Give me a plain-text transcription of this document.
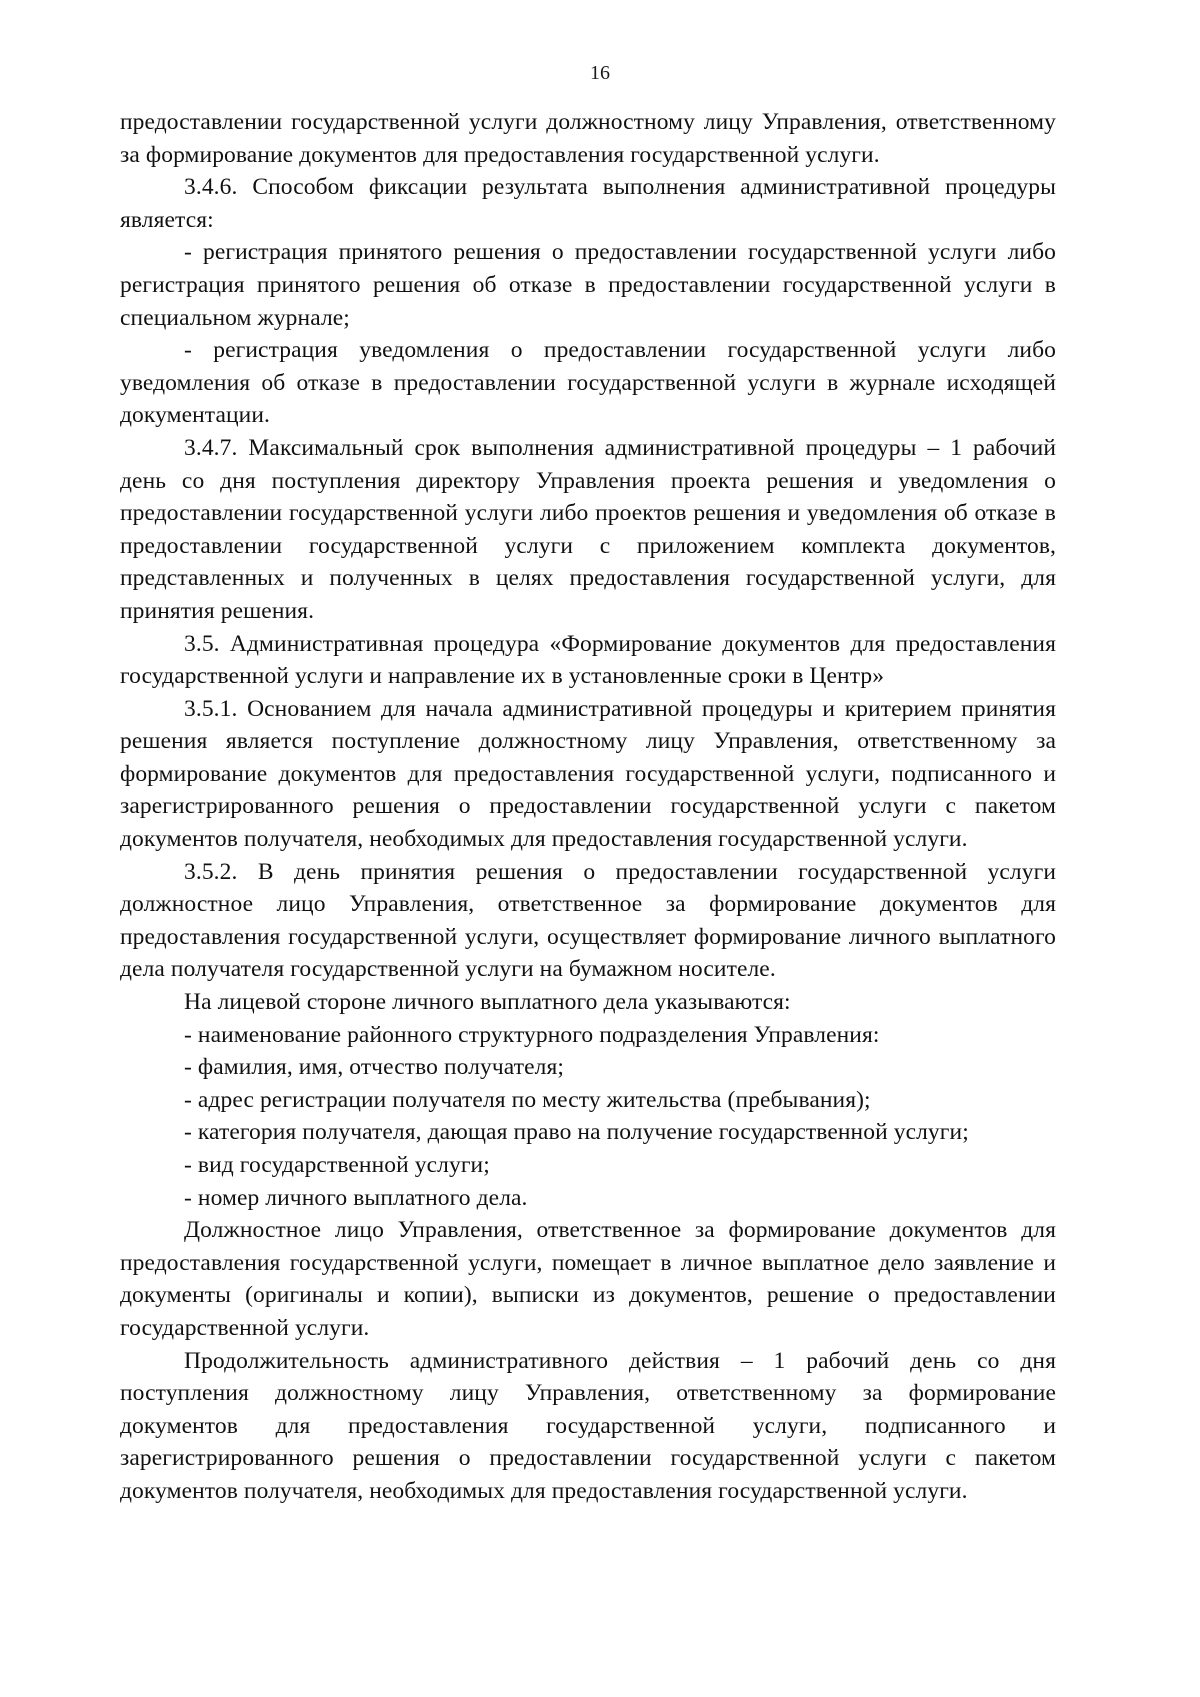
16

предоставлении государственной услуги должностному лицу Управления, ответственному за формирование документов для предоставления государственной услуги.

3.4.6. Способом фиксации результата выполнения административной процедуры является:

- регистрация принятого решения о предоставлении государственной услуги либо регистрация принятого решения об отказе в предоставлении государственной услуги в специальном журнале;

- регистрация уведомления о предоставлении государственной услуги либо уведомления об отказе в предоставлении государственной услуги в журнале исходящей документации.

3.4.7. Максимальный срок выполнения административной процедуры – 1 рабочий день со дня поступления директору Управления проекта решения и уведомления о предоставлении государственной услуги либо проектов решения и уведомления об отказе в предоставлении государственной услуги с приложением комплекта документов, представленных и полученных в целях предоставления государственной услуги, для принятия решения.

3.5. Административная процедура «Формирование документов для предоставления государственной услуги и направление их в установленные сроки в Центр»

3.5.1. Основанием для начала административной процедуры и критерием принятия решения является поступление должностному лицу Управления, ответственному за формирование документов для предоставления государственной услуги, подписанного и зарегистрированного решения о предоставлении государственной услуги с пакетом документов получателя, необходимых для предоставления государственной услуги.

3.5.2. В день принятия решения о предоставлении государственной услуги должностное лицо Управления, ответственное за формирование документов для предоставления государственной услуги, осуществляет формирование личного выплатного дела получателя государственной услуги на бумажном носителе.

На лицевой стороне личного выплатного дела указываются:

- наименование районного структурного подразделения Управления:

- фамилия, имя, отчество получателя;

- адрес регистрации получателя по месту жительства (пребывания);

- категория получателя, дающая право на получение государственной услуги;

- вид государственной услуги;

- номер личного выплатного дела.

Должностное лицо Управления, ответственное за формирование документов для предоставления государственной услуги, помещает в личное выплатное дело заявление и документы (оригиналы и копии), выписки из документов, решение о предоставлении государственной услуги.

Продолжительность административного действия – 1 рабочий день со дня поступления должностному лицу Управления, ответственному за формирование документов для предоставления государственной услуги, подписанного и зарегистрированного решения о предоставлении государственной услуги с пакетом документов получателя, необходимых для предоставления государственной услуги.
